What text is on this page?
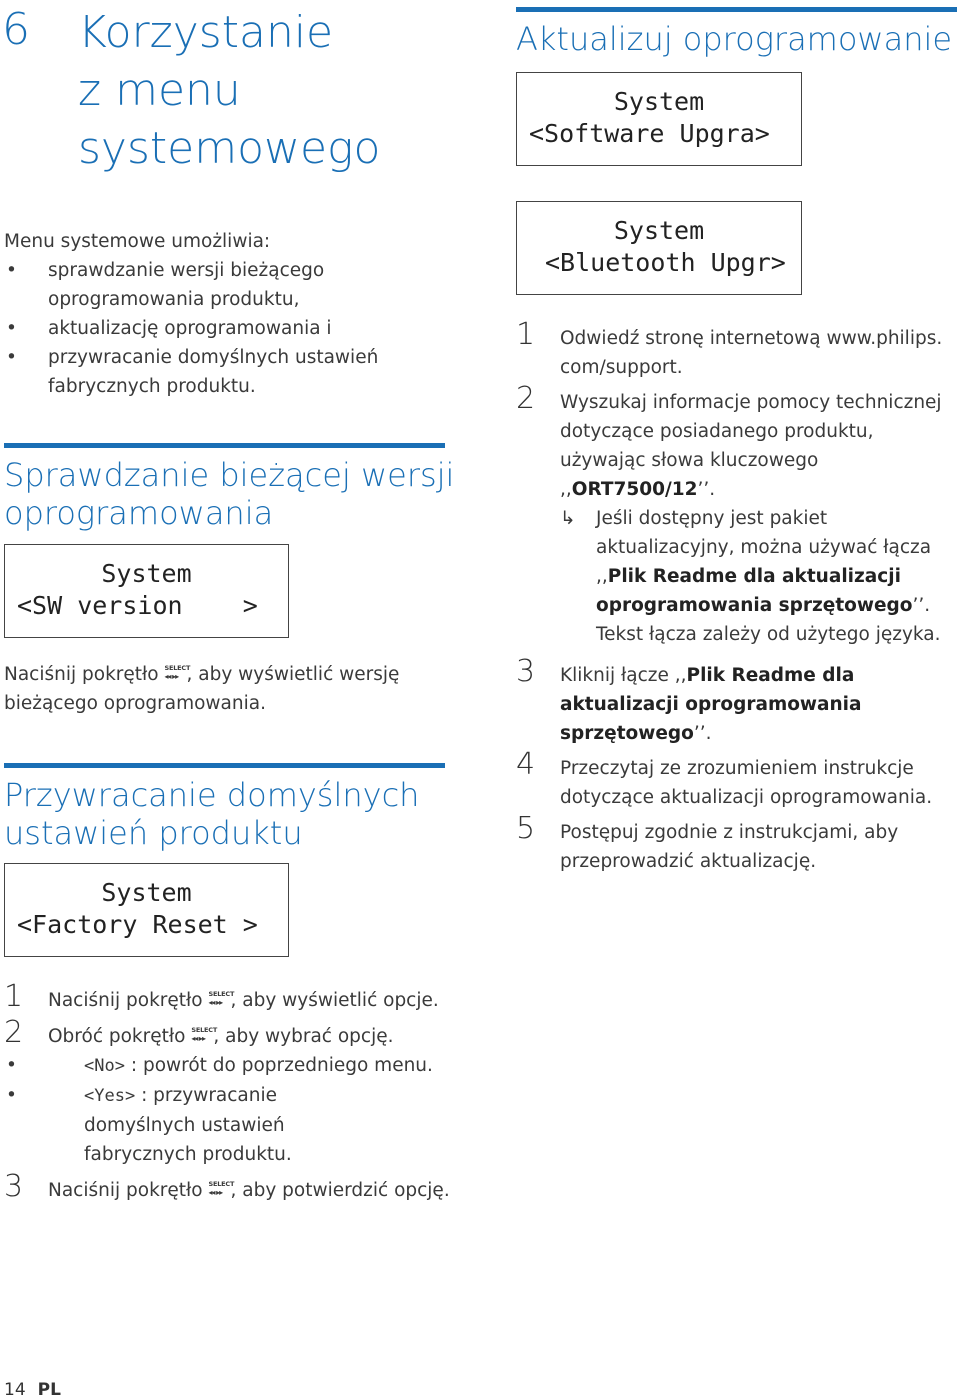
6 Korzystanie
z menu
systemowego

Menu systemowe umożliwia:

• sprawdzanie wersji bieżącego oprogramowania produktu,
• aktualizację oprogramowania i
• przywracanie domyślnych ustawień fabrycznych produktu.
Sprawdzanie bieżącej wersji
oprogramowania
System
<SW version    >
Naciśnij pokrętło SELECT
◂◂ ▸▸ , aby wyświetlić wersję bieżącego oprogramowania.
Przywracanie domyślnych
ustawień produktu
System
<Factory Reset >
1 Naciśnij pokrętło SELECT
◂◂ ▸▸ , aby wyświetlić opcje.
2 Obróć pokrętło SELECT
◂◂ ▸▸ , aby wybrać opcję.
• <No> : powrót do poprzedniego menu.
• <Yes> : przywracanie domyślnych ustawień fabrycznych produktu.
3 Naciśnij pokrętło SELECT
◂◂ ▸▸ , aby potwierdzić opcję.
Aktualizuj oprogramowanie
System
<Software Upgra>
System
<Bluetooth Upgr>
1 Odwiedź stronę internetową www.philips. com/support.
2 Wyszukaj informacje pomocy technicznej dotyczące posiadanego produktu, używając słowa kluczowego ,,ORT7500/12’’.
↳ Jeśli dostępny jest pakiet aktualizacyjny, można używać łącza ,,Plik Readme dla aktualizacji oprogramowania sprzętowego’’. Tekst łącza zależy od użytego języka.
3 Kliknij łącze ,,Plik Readme dla aktualizacji oprogramowania sprzętowego’’.
4 Przeczytaj ze zrozumieniem instrukcje dotyczące aktualizacji oprogramowania.
5 Postępuj zgodnie z instrukcjami, aby przeprowadzić aktualizację.
14 PL
